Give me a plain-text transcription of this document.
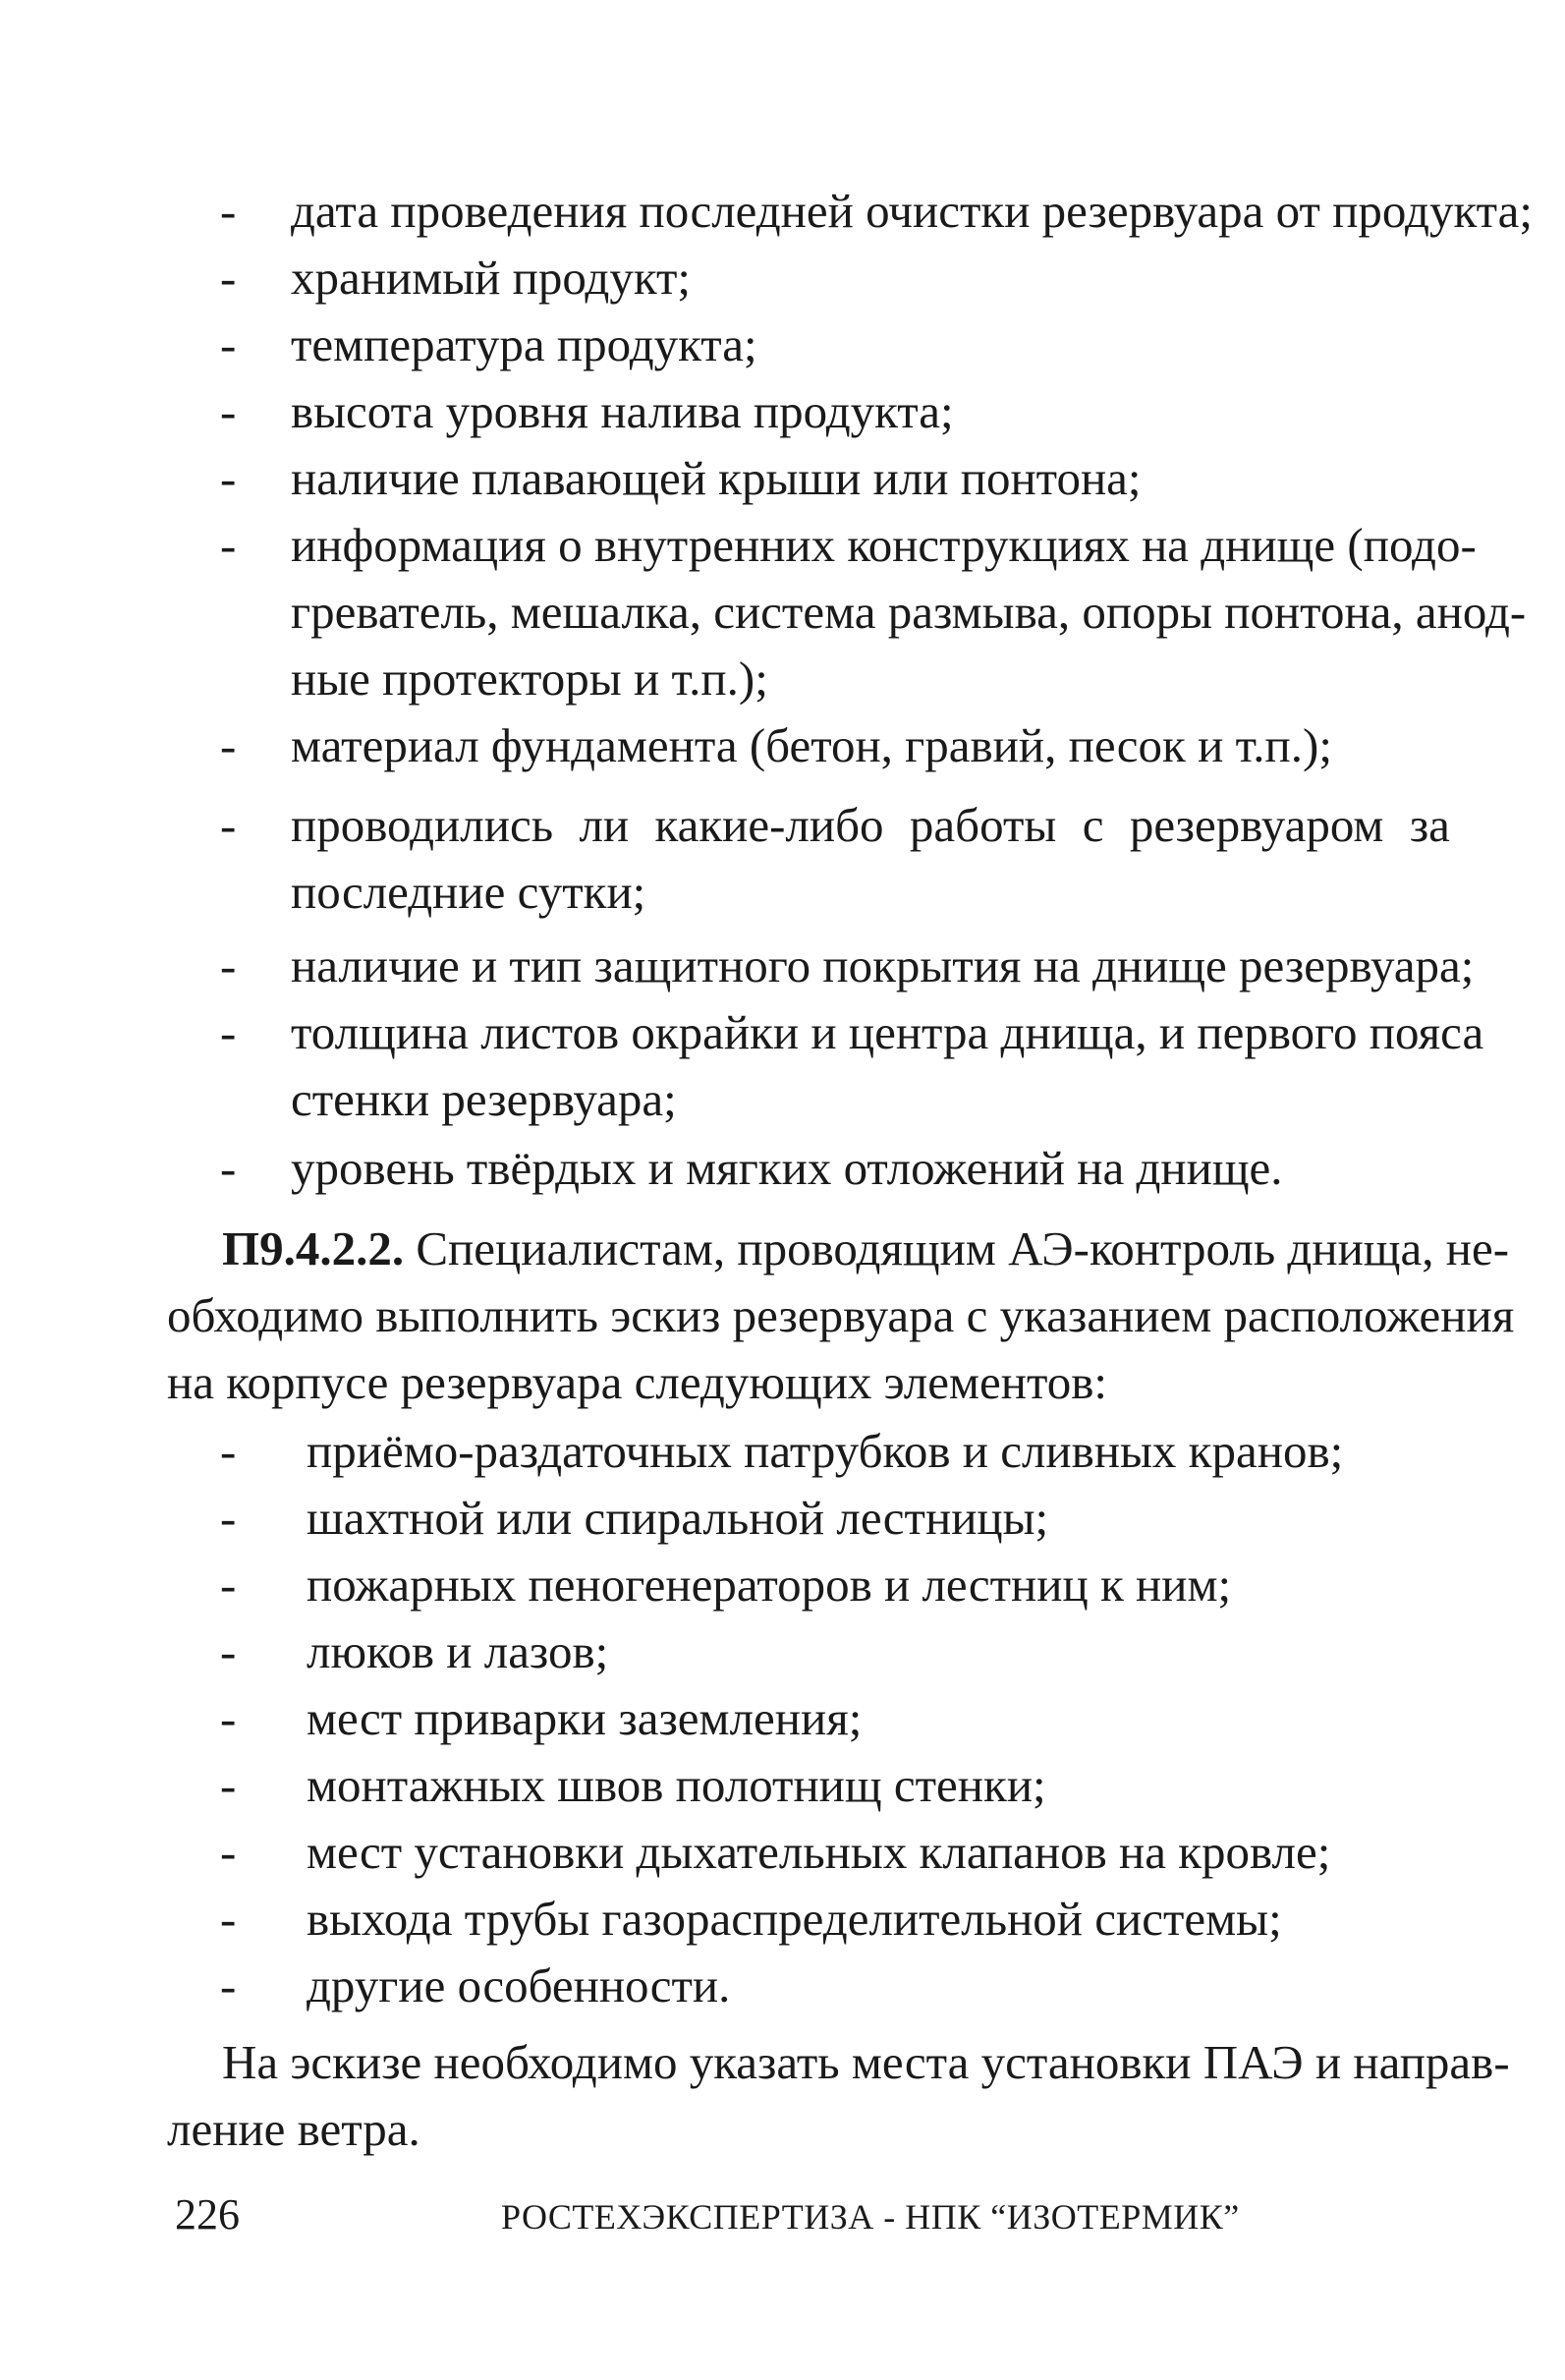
- дата проведения последней очистки резервуара от продукта;
- хранимый продукт;
- температура продукта;
- высота уровня налива продукта;
- наличие плавающей крыши или понтона;
- информация о внутренних конструкциях на днище (подо-
греватель, мешалка, система размыва, опоры понтона, анод-
ные протекторы и т.п.);
- материал фундамента (бетон, гравий, песок и т.п.);
- проводились ли какие-либо работы с резервуаром за
последние сутки;
- наличие и тип защитного покрытия на днище резервуара;
- толщина листов окрайки и центра днища, и первого пояса
стенки резервуара;
- уровень твёрдых и мягких отложений на днище.
П9.4.2.2. Специалистам, проводящим АЭ-контроль днища, не-
обходимо выполнить эскиз резервуара с указанием расположения
на корпусе резервуара следующих элементов:
- приёмо-раздаточных патрубков и сливных кранов;
- шахтной или спиральной лестницы;
- пожарных пеногенераторов и лестниц к ним;
- люков и лазов;
- мест приварки заземления;
- монтажных швов полотнищ стенки;
- мест установки дыхательных клапанов на кровле;
- выхода трубы газораспределительной системы;
- другие особенности.
На эскизе необходимо указать места установки ПАЭ и направ-
ление ветра.
226	РОСТЕХЭКСПЕРТИЗА - НПК “ИЗОТЕРМИК”
